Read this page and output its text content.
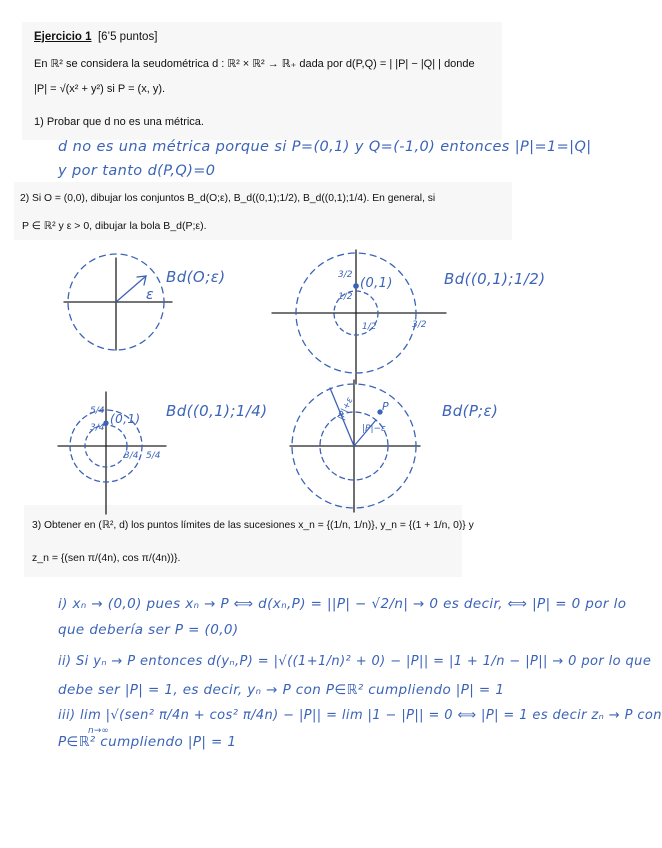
Ejercicio 1 [6’5 puntos]
En ℝ² se considera la seudométrica d : ℝ² × ℝ² → ℝ₊ dada por d(P,Q) = | |P| − |Q| | donde
|P| = √(x² + y²) si P = (x, y).
1) Probar que d no es una métrica.
d no es una métrica porque si P=(0,1) y Q=(-1,0) entonces |P|=1=|Q|
y por tanto d(P,Q)=0
2) Si O = (0,0), dibujar los conjuntos B_d(O;ε), B_d((0,1);1/2), B_d((0,1);1/4). En general, si
P ∈ ℝ² y ε > 0, dibujar la bola B_d(P;ε).
Bd(O;ε)
ε
Bd((0,1);1/2)
(0,1)
3/2
1/2
1/2	3/2
Bd((0,1);1/4)
(0,1)
5/4
3/4
3/4 5/4
Bd(P;ε)
P
|P|+ε
|P|−ε
3) Obtener en (ℝ², d) los puntos límites de las sucesiones x_n = {(1/n, 1/n)}, y_n = {(1 + 1/n, 0)} y
z_n = {(sen π/(4n), cos π/(4n))}.
i) xₙ → (0,0) pues xₙ → P ⟺ d(xₙ,P) = ||P| − √2/n| → 0 es decir, ⟺ |P| = 0 por lo
que debería ser P = (0,0)
ii) Si yₙ → P entonces d(yₙ,P) = |√((1+1/n)² + 0) − |P|| = |1 + 1/n − |P|| → 0 por lo que
debe ser |P| = 1, es decir, yₙ → P con P∈ℝ² cumpliendo |P| = 1
iii) lim |√(sen² π/4n + cos² π/4n) − |P|| = lim |1 − |P|| = 0 ⟺ |P| = 1 es decir zₙ → P con
n→∞
P∈ℝ² cumpliendo |P| = 1
